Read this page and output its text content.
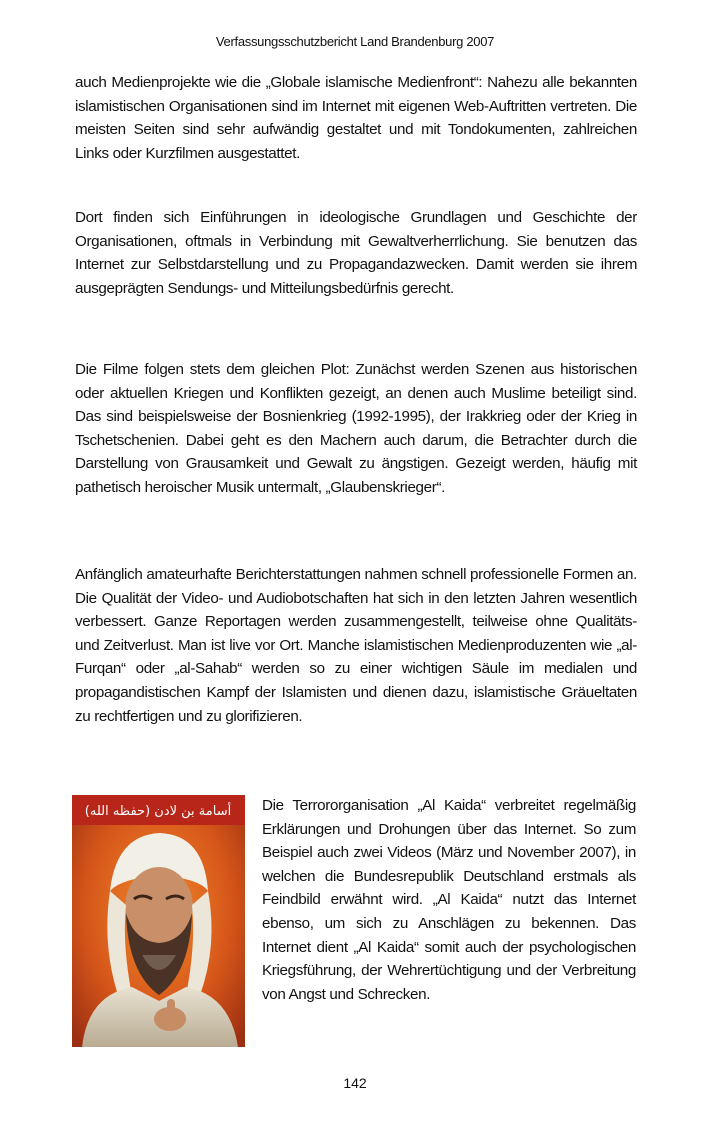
Verfassungsschutzbericht Land Brandenburg 2007

auch Medienprojekte wie die „Globale islamische Medienfront“: Nahezu alle bekannten islamistischen Organisationen sind im Internet mit eigenen Web-Auftritten vertreten. Die meisten Seiten sind sehr aufwändig gestaltet und mit Tondokumenten, zahlreichen Links oder Kurzfilmen ausgestattet.

Dort finden sich Einführungen in ideologische Grundlagen und Geschichte der Organisationen, oftmals in Verbindung mit Gewaltverherrlichung. Sie benutzen das Internet zur Selbstdarstellung und zu Propagandazwecken. Damit werden sie ihrem ausgeprägten Sendungs- und Mitteilungsbedürfnis gerecht.

Die Filme folgen stets dem gleichen Plot: Zunächst werden Szenen aus historischen oder aktuellen Kriegen und Konflikten gezeigt, an denen auch Muslime beteiligt sind. Das sind beispielsweise der Bosnienkrieg (1992-1995), der Irakkrieg oder der Krieg in Tschetschenien. Dabei geht es den Machern auch darum, die Betrachter durch die Darstellung von Grausamkeit und Gewalt zu ängstigen. Gezeigt werden, häufig mit pathetisch heroischer Musik untermalt, „Glaubenskrieger“.

Anfänglich amateurhafte Berichterstattungen nahmen schnell professionelle Formen an. Die Qualität der Video- und Audiobotschaften hat sich in den letzten Jahren wesentlich verbessert. Ganze Reportagen werden zusammengestellt, teilweise ohne Qualitäts- und Zeitverlust. Man ist live vor Ort. Manche islamistischen Medienproduzenten wie „al-Furqan“ oder „al-Sahab“ werden so zu einer wichtigen Säule im medialen und propagandistischen Kampf der Islamisten und dienen dazu, islamistische Gräueltaten zu rechtfertigen und zu glorifizieren.

أسامة بن لادن (حفظه الله) Die Terrororganisation „Al Kaida“ verbreitet regelmäßig Erklärungen und Drohungen über das Internet. So zum Beispiel auch zwei Videos (März und November 2007), in welchen die Bundesrepublik Deutschland erstmals als Feindbild erwähnt wird. „Al Kaida“ nutzt das Internet ebenso, um sich zu Anschlägen zu bekennen. Das Internet dient „Al Kaida“ somit auch der psychologischen Kriegsführung, der Wehrertüchtigung und der Verbreitung von Angst und Schrecken.

142
